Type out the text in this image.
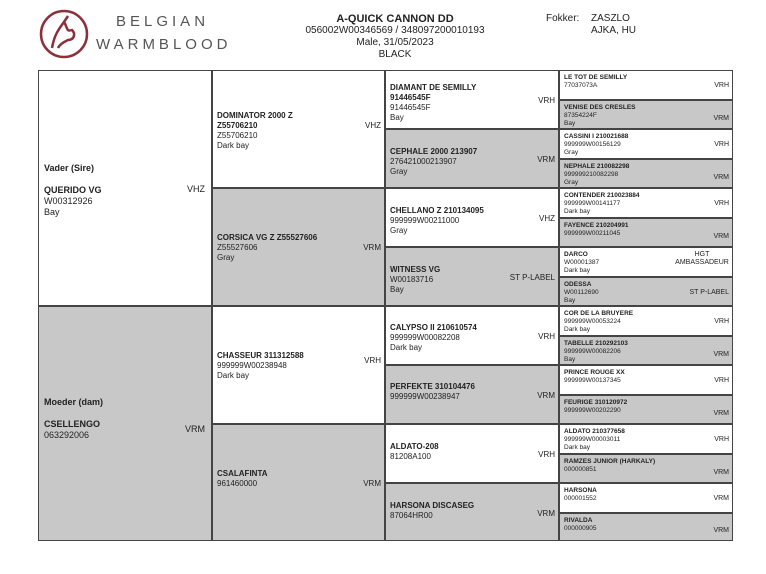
BELGIAN
WARMBLOOD
A-QUICK CANNON DD
056002W00346569 / 348097200010193
Male, 31/05/2023
BLACK
Fokker: ZASZLO
AJKA, HU
Vader (Sire)
QUERIDO VG
W00312926
Bay
VHZ
Moeder (dam)
CSELLENGO
063292006
VRM
DOMINATOR 2000 Z
Z55706210
Z55706210
Dark bay
VHZ
CORSICA VG Z Z55527606
Z55527606
Gray
VRM
CHASSEUR 311312588
999999W00238948
Dark bay
VRH
CSALAFINTA
961460000	VRM
DIAMANT DE SEMILLY
91446545F
91446545F
Bay
VRH
CEPHALE 2000 213907
276421000213907
Gray
VRM
CHELLANO Z 210134095
999999W00211000
Gray
VHZ
WITNESS VG
W00183716
Bay
ST P-LABEL
CALYPSO II 210610574
999999W00082208
Dark bay
VRH
PERFEKTE 310104476
999999W00238947	VRM
ALDATO-208
81208A100	VRH
HARSONA DISCASEG
87064HR00	VRM
LE TOT DE SEMILLY
77037073A	VRH
VENISE DES CRESLES
87354224F
Bay
VRM
CASSINI I 210021688
999999W00156129
Gray
VRH
NEPHALE 210082298
999999210082298
Gray
VRM
CONTENDER 210023884
999999W00141177
Dark bay
VRH
FAYENCE 210204991
999999W00211045	VRM
DARCO
W00001387
Dark bay
HGT AMBASSADEUR
ODESSA
W00112690
Bay
ST P-LABEL
COR DE LA BRUYERE
999999W00053224
Dark bay
VRH
TABELLE 210292103
999999W00082206
Bay
VRM
PRINCE ROUGE XX
999999W00137345	VRH
FEURIGE 310120972
999999W00202290	VRM
ALDATO 210377658
999999W00003011
Dark bay
VRH
RAMZES JUNIOR (HARKALY)
000000851	VRM
HARSONA
000001552	VRM
RIVALDA
000000905	VRM
